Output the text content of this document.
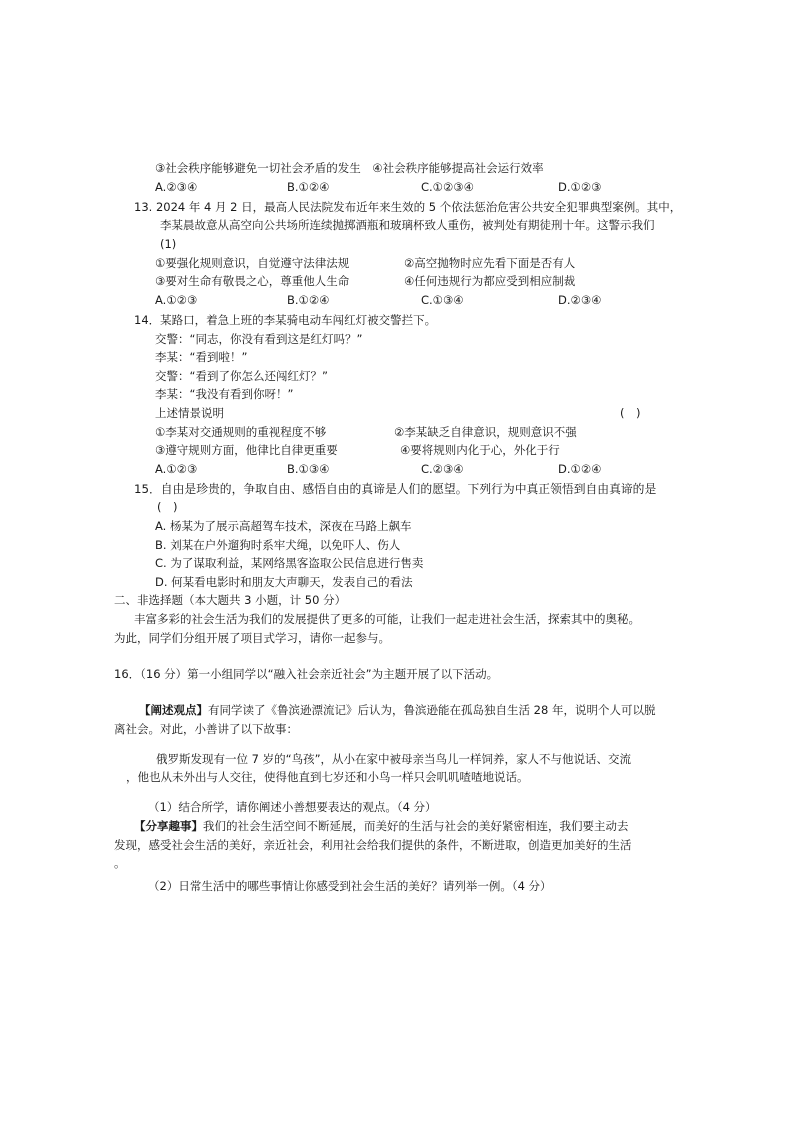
③社会秩序能够避免一切社会矛盾的发生　④社会秩序能够提高社会运行效率
A.②③④	B.①②④	C.①②③④	D.①②③
13. 2024 年 4 月 2 日，最高人民法院发布近年来生效的 5 个依法惩治危害公共安全犯罪典型案例。其中，
李某晨故意从高空向公共场所连续抛掷酒瓶和玻璃杯致人重伤，被判处有期徒刑十年。这警示我们
(1)
①要强化规则意识，自觉遵守法律法规	②高空抛物时应先看下面是否有人
③要对生命有敬畏之心，尊重他人生命	④任何违规行为都应受到相应制裁
A.①②③	B.①②④	C.①③④	D.②③④
14．某路口，着急上班的李某骑电动车闯红灯被交警拦下。
交警：“同志，你没有看到这是红灯吗？”
李某：“看到啦！”
交警：“看到了你怎么还闯红灯？”
李某：“我没有看到你呀！”
上述情景说明	(　)
①李某对交通规则的重视程度不够	②李某缺乏自律意识，规则意识不强
③遵守规则方面，他律比自律更重要	④要将规则内化于心，外化于行
A.①②③	B.①③④	C.②③④	D.①②④
15．自由是珍贵的，争取自由、感悟自由的真谛是人们的愿望。下列行为中真正领悟到自由真谛的是
(　)
A. 杨某为了展示高超驾车技术，深夜在马路上飙车
B. 刘某在户外遛狗时系牢犬绳，以免吓人、伤人
C. 为了谋取利益，某网络黑客盗取公民信息进行售卖
D. 何某看电影时和朋友大声聊天，发表自己的看法
二、非选择题（本大题共 3 小题，计 50 分）
丰富多彩的社会生活为我们的发展提供了更多的可能，让我们一起走进社会生活，探索其中的奥秘。
为此，同学们分组开展了项目式学习，请你一起参与。
16．（16 分）第一小组同学以“融入社会亲近社会”为主题开展了以下活动。
【阐述观点】有同学读了《鲁滨逊漂流记》后认为，鲁滨逊能在孤岛独自生活 28 年，说明个人可以脱
离社会。对此，小善讲了以下故事：
俄罗斯发现有一位 7 岁的“鸟孩”，从小在家中被母亲当鸟儿一样饲养，家人不与他说话、交流
，他也从未外出与人交往，使得他直到七岁还和小鸟一样只会叽叽喳喳地说话。
（1）结合所学，请你阐述小善想要表达的观点。（4 分）
【分享趣事】我们的社会生活空间不断延展，而美好的生活与社会的美好紧密相连，我们要主动去
发现，感受社会生活的美好，亲近社会，利用社会给我们提供的条件，不断进取，创造更加美好的生活
。
（2）日常生活中的哪些事情让你感受到社会生活的美好？请列举一例。（4 分）
